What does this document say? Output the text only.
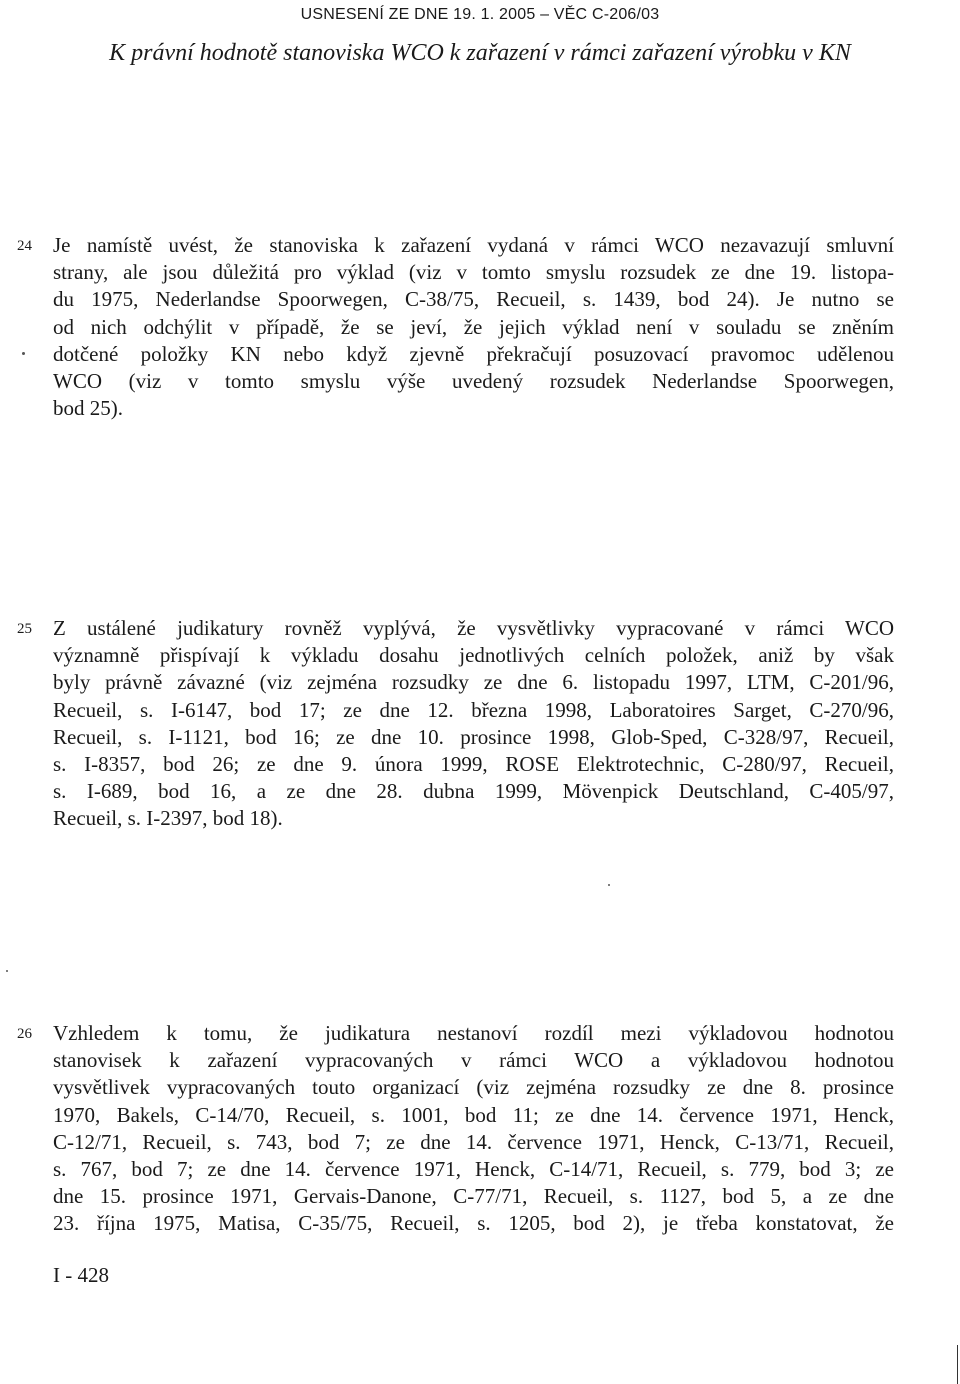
USNESENÍ ZE DNE 19. 1. 2005 – VĚC C-206/03
K právní hodnotě stanoviska WCO k zařazení v rámci zařazení výrobku v KN
24 Je namístě uvést, že stanoviska k zařazení vydaná v rámci WCO nezavazují smluvní
strany, ale jsou důležitá pro výklad (viz v tomto smyslu rozsudek ze dne 19. listopa-
du 1975, Nederlandse Spoorwegen, C-38/75, Recueil, s. 1439, bod 24). Je nutno se
od nich odchýlit v případě, že se jeví, že jejich výklad není v souladu se zněním
dotčené položky KN nebo když zjevně překračují posuzovací pravomoc udělenou
WCO (viz v tomto smyslu výše uvedený rozsudek Nederlandse Spoorwegen,
bod 25).
25 Z ustálené judikatury rovněž vyplývá, že vysvětlivky vypracované v rámci WCO
významně přispívají k výkladu dosahu jednotlivých celních položek, aniž by však
byly právně závazné (viz zejména rozsudky ze dne 6. listopadu 1997, LTM, C-201/96,
Recueil, s. I-6147, bod 17; ze dne 12. března 1998, Laboratoires Sarget, C-270/96,
Recueil, s. I-1121, bod 16; ze dne 10. prosince 1998, Glob-Sped, C-328/97, Recueil,
s. I-8357, bod 26; ze dne 9. února 1999, ROSE Elektrotechnic, C-280/97, Recueil,
s. I-689, bod 16, a ze dne 28. dubna 1999, Mövenpick Deutschland, C-405/97,
Recueil, s. I-2397, bod 18).
26 Vzhledem k tomu, že judikatura nestanoví rozdíl mezi výkladovou hodnotou
stanovisek k zařazení vypracovaných v rámci WCO a výkladovou hodnotou
vysvětlivek vypracovaných touto organizací (viz zejména rozsudky ze dne 8. prosince
1970, Bakels, C-14/70, Recueil, s. 1001, bod 11; ze dne 14. července 1971, Henck,
C-12/71, Recueil, s. 743, bod 7; ze dne 14. července 1971, Henck, C-13/71, Recueil,
s. 767, bod 7; ze dne 14. července 1971, Henck, C-14/71, Recueil, s. 779, bod 3; ze
dne 15. prosince 1971, Gervais-Danone, C-77/71, Recueil, s. 1127, bod 5, a ze dne
23. října 1975, Matisa, C-35/75, Recueil, s. 1205, bod 2), je třeba konstatovat, že
I - 428
